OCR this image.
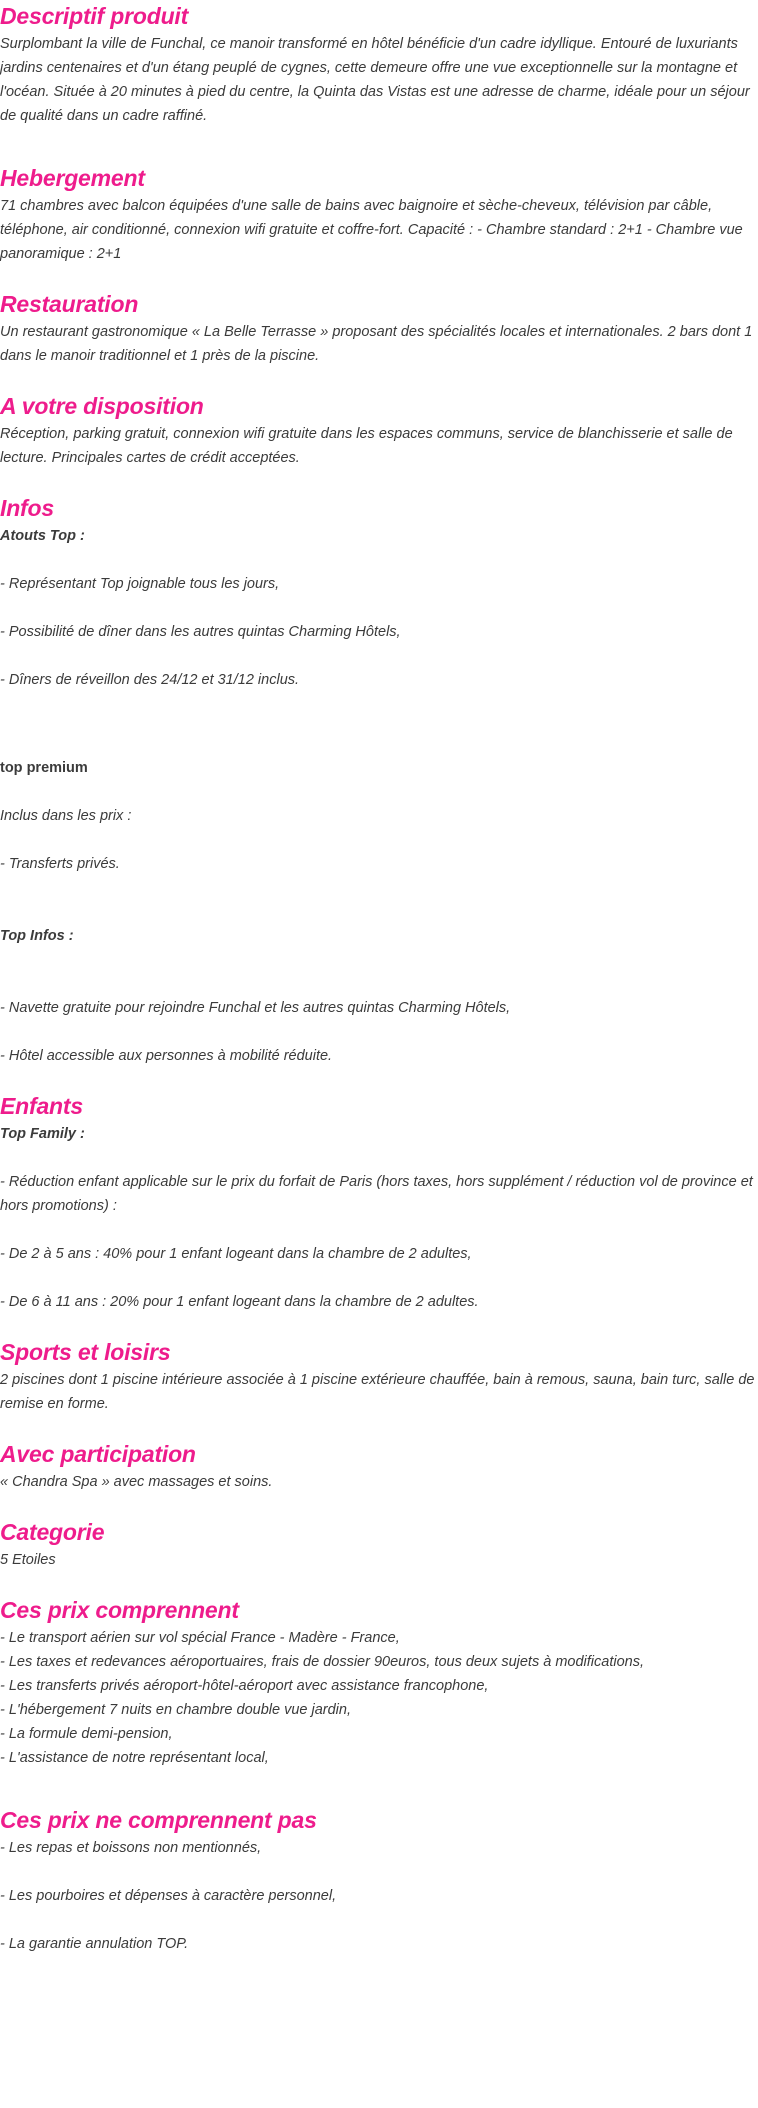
Descriptif produit

Surplombant la ville de Funchal, ce manoir transformé en hôtel bénéficie d'un cadre idyllique. Entouré de luxuriants jardins centenaires et d'un étang peuplé de cygnes, cette demeure offre une vue exceptionnelle sur la montagne et l'océan. Située à 20 minutes à pied du centre, la Quinta das Vistas est une adresse de charme, idéale pour un séjour de qualité dans un cadre raffiné.

Hebergement

71 chambres avec balcon équipées d'une salle de bains avec baignoire et sèche-cheveux, télévision par câble, téléphone, air conditionné, connexion wifi gratuite et coffre-fort. Capacité : - Chambre standard : 2+1 - Chambre vue panoramique : 2+1

Restauration

Un restaurant gastronomique « La Belle Terrasse » proposant des spécialités locales et internationales. 2 bars dont 1 dans le manoir traditionnel et 1 près de la piscine.

A votre disposition

Réception, parking gratuit, connexion wifi gratuite dans les espaces communs, service de blanchisserie et salle de lecture. Principales cartes de crédit acceptées.

Infos

Atouts Top :

- Représentant Top joignable tous les jours,

- Possibilité de dîner dans les autres quintas Charming Hôtels,

- Dîners de réveillon des 24/12 et 31/12 inclus.

top premium

Inclus dans les prix :

- Transferts privés.

Top Infos :

- Navette gratuite pour rejoindre Funchal et les autres quintas Charming Hôtels,

- Hôtel accessible aux personnes à mobilité réduite.

Enfants

Top Family :

- Réduction enfant applicable sur le prix du forfait de Paris (hors taxes, hors supplément / réduction vol de province et hors promotions) :

- De 2 à 5 ans : 40% pour 1 enfant logeant dans la chambre de 2 adultes,

- De 6 à 11 ans : 20% pour 1 enfant logeant dans la chambre de 2 adultes.

Sports et loisirs

2 piscines dont 1 piscine intérieure associée à 1 piscine extérieure chauffée, bain à remous, sauna, bain turc, salle de remise en forme.

Avec participation

« Chandra Spa » avec massages et soins.

Categorie

5 Etoiles

Ces prix comprennent

- Le transport aérien sur vol spécial France - Madère - France,

- Les taxes et redevances aéroportuaires, frais de dossier 90euros, tous deux sujets à modifications,

- Les transferts privés aéroport-hôtel-aéroport avec assistance francophone,

- L'hébergement 7 nuits en chambre double vue jardin,

- La formule demi-pension,

- L'assistance de notre représentant local,

Ces prix ne comprennent pas

- Les repas et boissons non mentionnés,

- Les pourboires et dépenses à caractère personnel,

- La garantie annulation TOP.
